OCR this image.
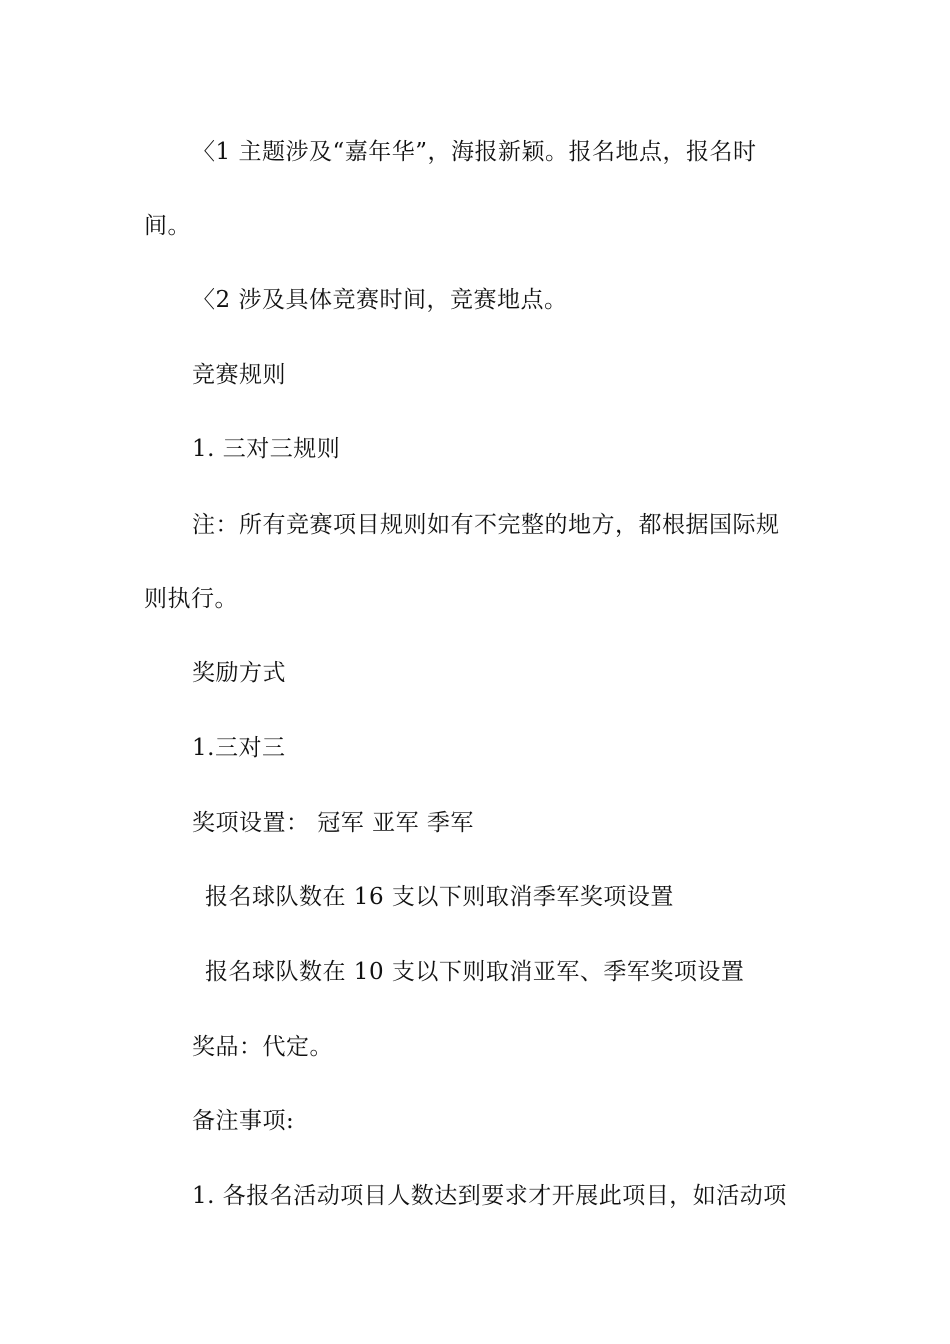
〈1 主题涉及“嘉年华”，海报新颖。报名地点，报名时
间。
〈2 涉及具体竞赛时间，竞赛地点。
竞赛规则
1. 三对三规则
注：所有竞赛项目规则如有不完整的地方，都根据国际规
则执行。
奖励方式
1.三对三
奖项设置： 冠军 亚军 季军
报名球队数在 16 支以下则取消季军奖项设置
报名球队数在 10 支以下则取消亚军、季军奖项设置
奖品：代定。
备注事项:
1. 各报名活动项目人数达到要求才开展此项目，如活动项
